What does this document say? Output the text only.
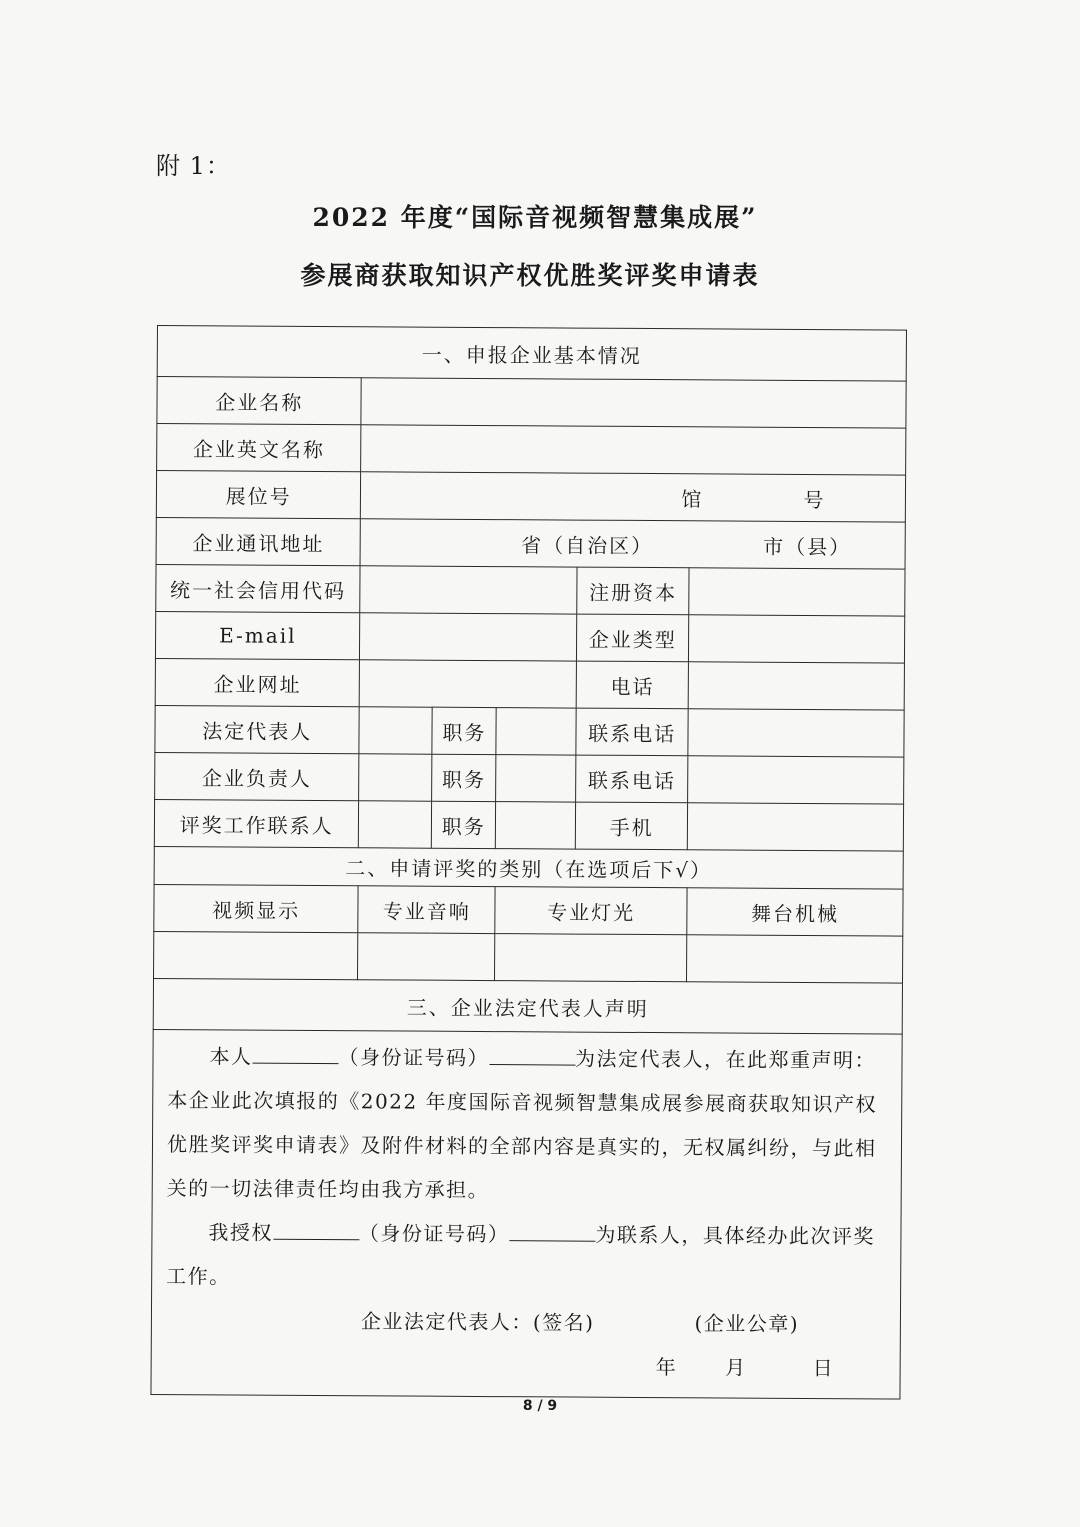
附 1：
2022 年度“国际音视频智慧集成展”
参展商获取知识产权优胜奖评奖申请表
一、申报企业基本情况					
企业名称					
企业英文名称					
展位号	馆 号				
企业通讯地址	省（自治区） 市（县）				
统一社会信用代码				注册资本	
E-mail				企业类型	
企业网址				电话	
法定代表人		职务		联系电话	
企业负责人		职务		联系电话	
评奖工作联系人		职务		手机	
二、申请评奖的类别（在选项后下√）					
视频显示	专业音响		专业灯光		舞台机械

三、企业法定代表人声明					

本人 （身份证号码） 为法定代表人，在此郑重声明：本企业此次填报的《2022 年度国际音视频智慧集成展参展商获取知识产权优胜奖评奖申请表》及附件材料的全部内容是真实的，无权属纠纷，与此相关的一切法律责任均由我方承担。

我授权 （身份证号码） 为联系人，具体经办此次评奖工作。

企业法定代表人：(签名) (企业公章)

年 月 日					

8 / 9
